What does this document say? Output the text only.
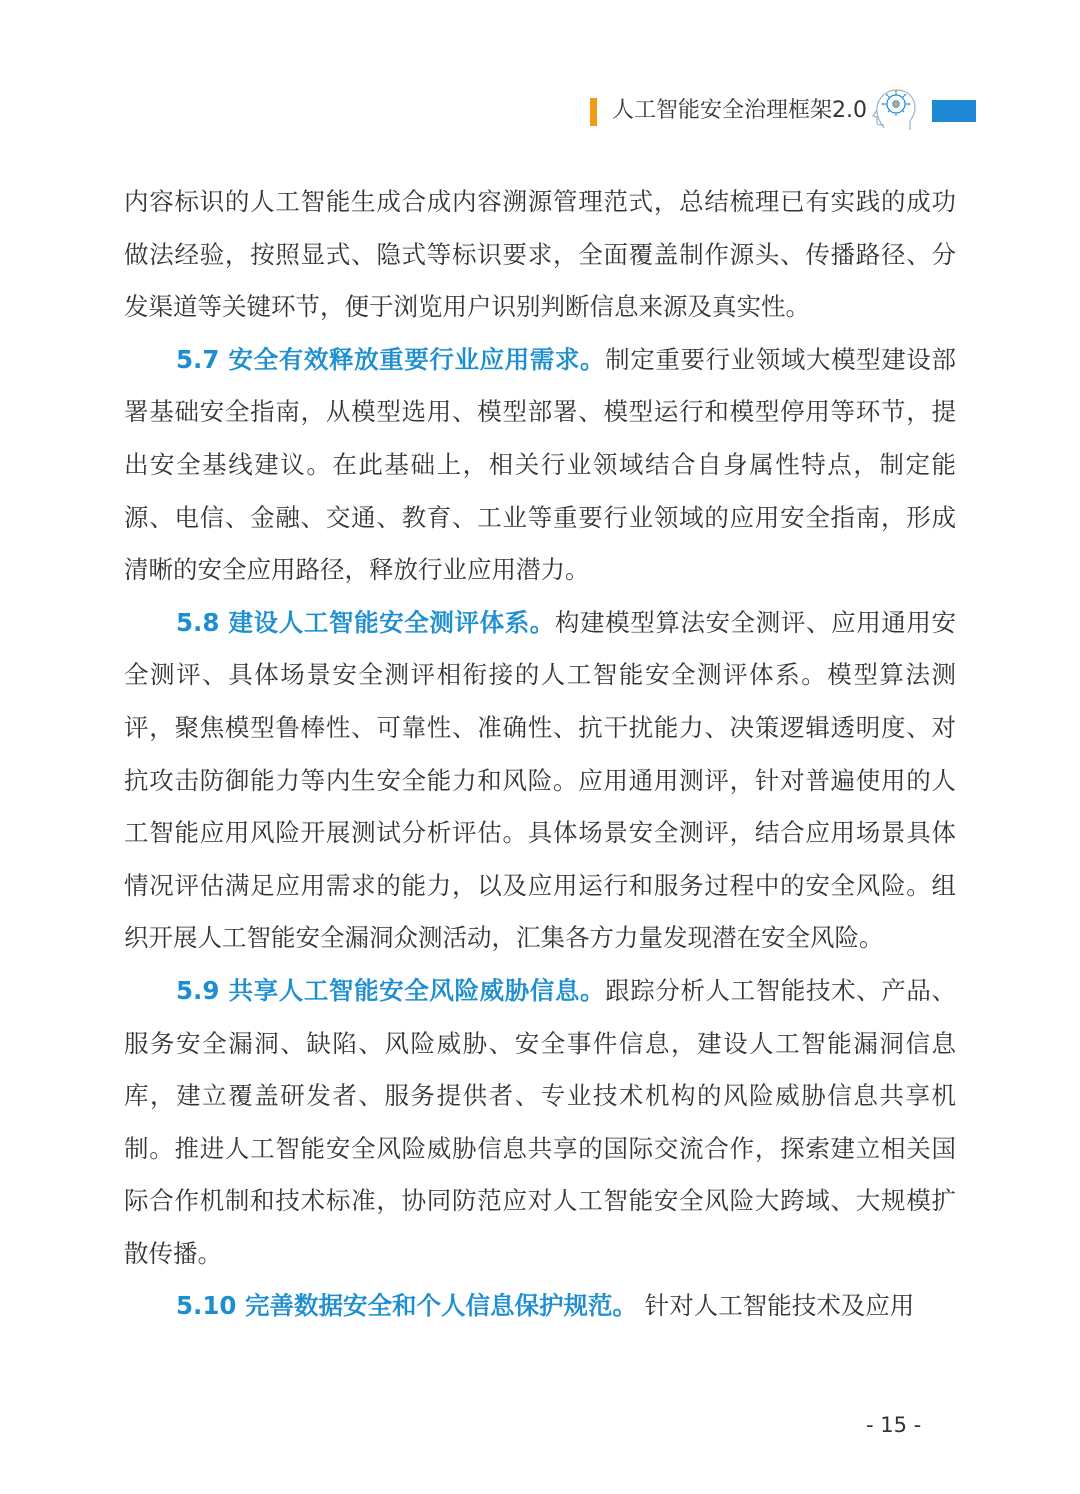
人工智能安全治理框架2.0

内容标识的人工智能生成合成内容溯源管理范式，总结梳理已有实践的成功做法经验，按照显式、隐式等标识要求，全面覆盖制作源头、传播路径、分发渠道等关键环节，便于浏览用户识别判断信息来源及真实性。

5.7 安全有效释放重要行业应用需求。制定重要行业领域大模型建设部署基础安全指南，从模型选用、模型部署、模型运行和模型停用等环节，提出安全基线建议。在此基础上，相关行业领域结合自身属性特点，制定能源、电信、金融、交通、教育、工业等重要行业领域的应用安全指南，形成清晰的安全应用路径，释放行业应用潜力。

5.8 建设人工智能安全测评体系。构建模型算法安全测评、应用通用安全测评、具体场景安全测评相衔接的人工智能安全测评体系。模型算法测评，聚焦模型鲁棒性、可靠性、准确性、抗干扰能力、决策逻辑透明度、对抗攻击防御能力等内生安全能力和风险。应用通用测评，针对普遍使用的人工智能应用风险开展测试分析评估。具体场景安全测评，结合应用场景具体情况评估满足应用需求的能力，以及应用运行和服务过程中的安全风险。组织开展人工智能安全漏洞众测活动，汇集各方力量发现潜在安全风险。

5.9 共享人工智能安全风险威胁信息。跟踪分析人工智能技术、产品、服务安全漏洞、缺陷、风险威胁、安全事件信息，建设人工智能漏洞信息库，建立覆盖研发者、服务提供者、专业技术机构的风险威胁信息共享机制。推进人工智能安全风险威胁信息共享的国际交流合作，探索建立相关国际合作机制和技术标准，协同防范应对人工智能安全风险大跨域、大规模扩散传播。

5.10 完善数据安全和个人信息保护规范。 针对人工智能技术及应用

- 15 -
